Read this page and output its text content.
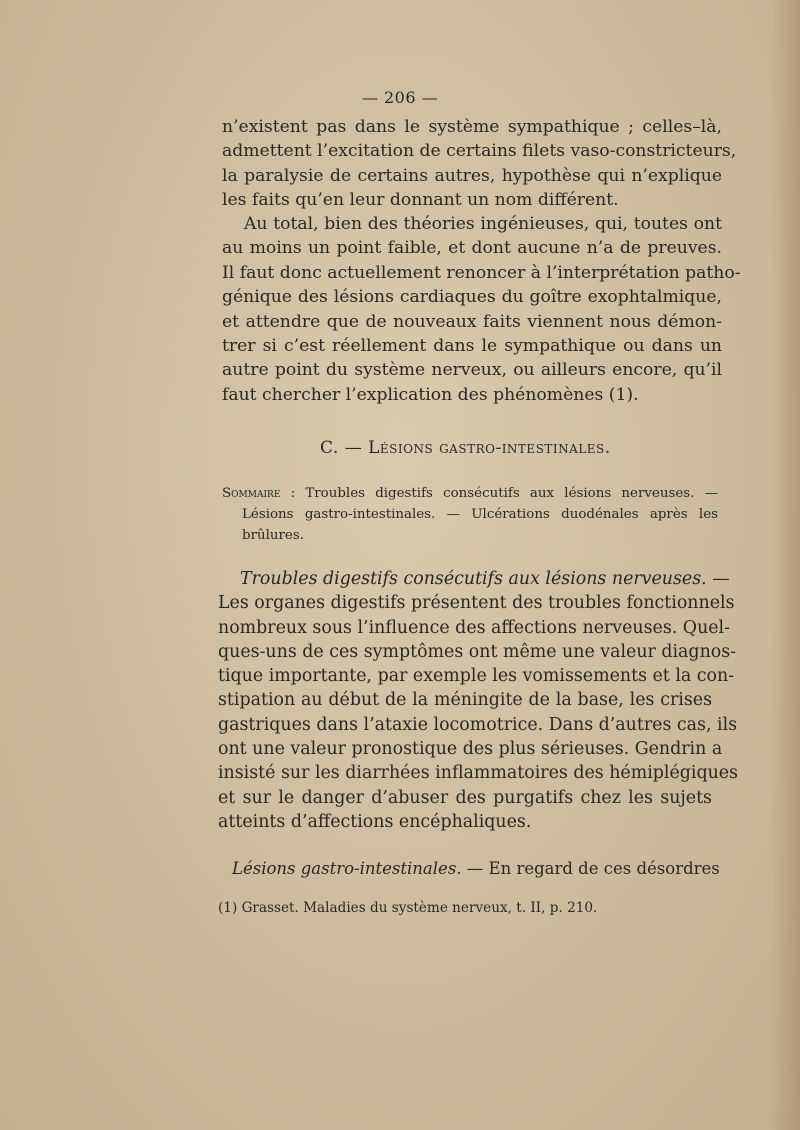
— 206 —
n’existent pas dans le système sympathique ; celles–là,
admettent l’excitation de certains filets vaso-constricteurs,
la paralysie de certains autres, hypothèse qui n’explique
les faits qu’en leur donnant un nom différent.
Au total, bien des théories ingénieuses, qui, toutes ont
au moins un point faible, et dont aucune n’a de preuves.
Il faut donc actuellement renoncer à l’interprétation patho-
génique des lésions cardiaques du goître exophtalmique,
et attendre que de nouveaux faits viennent nous démon-
trer si c’est réellement dans le sympathique ou dans un
autre point du système nerveux, ou ailleurs encore, qu’il
faut chercher l’explication des phénomènes (1).
C. — Lésions gastro-intestinales.
Sommaire : Troubles digestifs consécutifs aux lésions nerveuses. —
Lésions gastro-intestinales. — Ulcérations duodénales après les
brûlures.
Troubles digestifs consécutifs aux lésions nerveuses. —
Les organes digestifs présentent des troubles fonctionnels
nombreux sous l’influence des affections nerveuses. Quel-
ques-uns de ces symptômes ont même une valeur diagnos-
tique importante, par exemple les vomissements et la con-
stipation au début de la méningite de la base, les crises
gastriques dans l’ataxie locomotrice. Dans d’autres cas, ils
ont une valeur pronostique des plus sérieuses. Gendrin a
insisté sur les diarrhées inflammatoires des hémiplégiques
et sur le danger d’abuser des purgatifs chez les sujets
atteints d’affections encéphaliques.
Lésions gastro-intestinales. — En regard de ces désordres
(1) Grasset. Maladies du système nerveux, t. II, p. 210.
